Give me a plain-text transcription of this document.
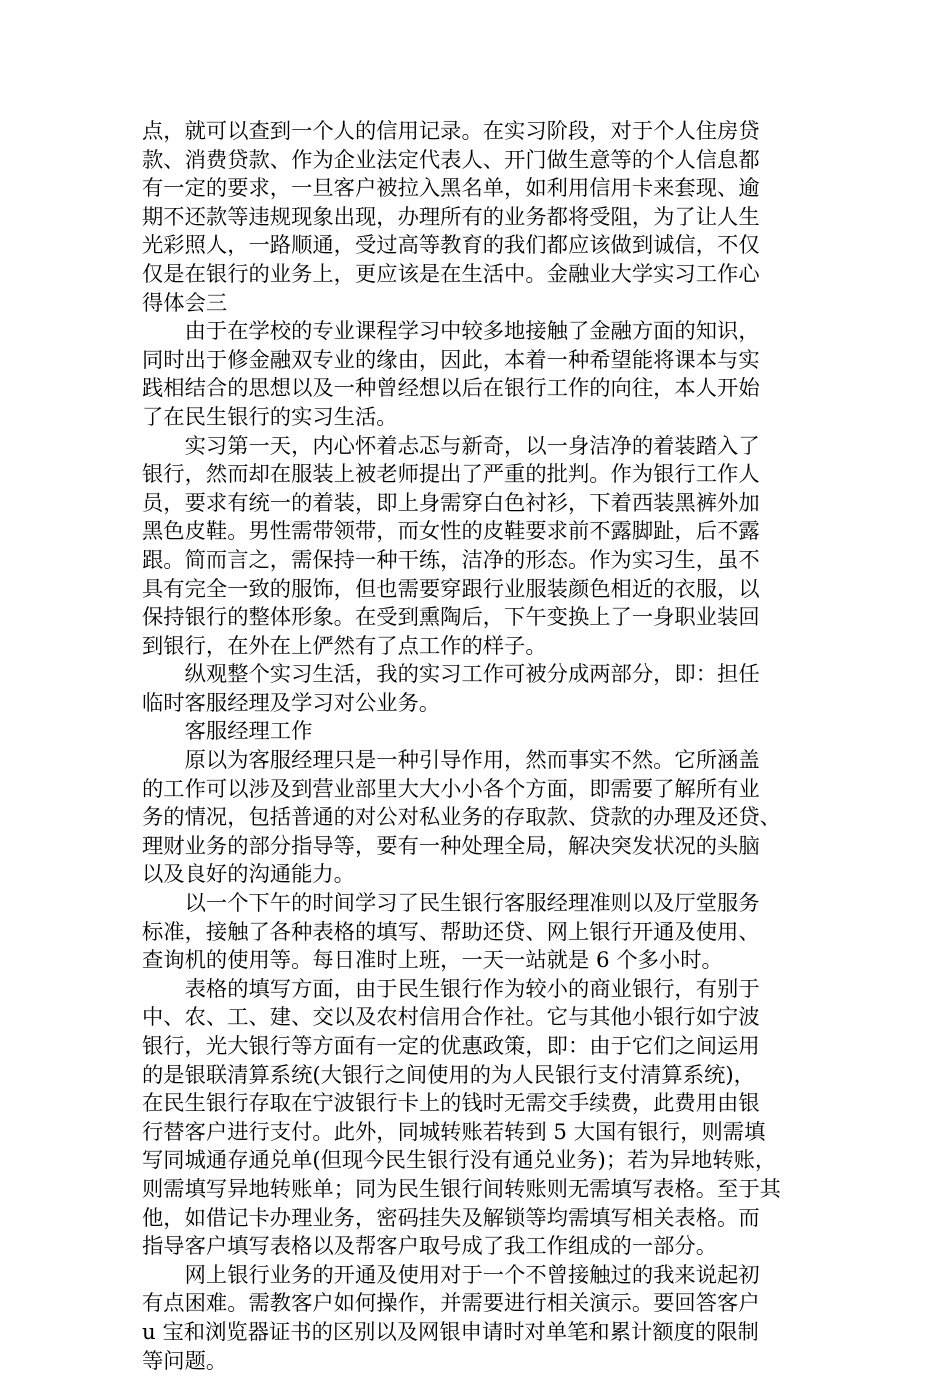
点，就可以查到一个人的信用记录。在实习阶段，对于个人住房贷
款、消费贷款、作为企业法定代表人、开门做生意等的个人信息都
有一定的要求，一旦客户被拉入黑名单，如利用信用卡来套现、逾
期不还款等违规现象出现，办理所有的业务都将受阻，为了让人生
光彩照人，一路顺通，受过高等教育的我们都应该做到诚信，不仅
仅是在银行的业务上，更应该是在生活中。金融业大学实习工作心
得体会三
　　由于在学校的专业课程学习中较多地接触了金融方面的知识，
同时出于修金融双专业的缘由，因此，本着一种希望能将课本与实
践相结合的思想以及一种曾经想以后在银行工作的向往，本人开始
了在民生银行的实习生活。
　　实习第一天，内心怀着忐忑与新奇，以一身洁净的着装踏入了
银行，然而却在服装上被老师提出了严重的批判。作为银行工作人
员，要求有统一的着装，即上身需穿白色衬衫，下着西装黑裤外加
黑色皮鞋。男性需带领带，而女性的皮鞋要求前不露脚趾，后不露
跟。简而言之，需保持一种干练，洁净的形态。作为实习生，虽不
具有完全一致的服饰，但也需要穿跟行业服装颜色相近的衣服，以
保持银行的整体形象。在受到熏陶后，下午变换上了一身职业装回
到银行，在外在上俨然有了点工作的样子。
　　纵观整个实习生活，我的实习工作可被分成两部分，即：担任
临时客服经理及学习对公业务。
　　客服经理工作
　　原以为客服经理只是一种引导作用，然而事实不然。它所涵盖
的工作可以涉及到营业部里大大小小各个方面，即需要了解所有业
务的情况，包括普通的对公对私业务的存取款、贷款的办理及还贷、
理财业务的部分指导等，要有一种处理全局，解决突发状况的头脑
以及良好的沟通能力。
　　以一个下午的时间学习了民生银行客服经理准则以及厅堂服务
标准，接触了各种表格的填写、帮助还贷、网上银行开通及使用、
查询机的使用等。每日准时上班，一天一站就是 6 个多小时。
　　表格的填写方面，由于民生银行作为较小的商业银行，有别于
中、农、工、建、交以及农村信用合作社。它与其他小银行如宁波
银行，光大银行等方面有一定的优惠政策，即：由于它们之间运用
的是银联清算系统(大银行之间使用的为人民银行支付清算系统)，
在民生银行存取在宁波银行卡上的钱时无需交手续费，此费用由银
行替客户进行支付。此外，同城转账若转到 5 大国有银行，则需填
写同城通存通兑单(但现今民生银行没有通兑业务)；若为异地转账，
则需填写异地转账单；同为民生银行间转账则无需填写表格。至于其
他，如借记卡办理业务，密码挂失及解锁等均需填写相关表格。而
指导客户填写表格以及帮客户取号成了我工作组成的一部分。
　　网上银行业务的开通及使用对于一个不曾接触过的我来说起初
有点困难。需教客户如何操作，并需要进行相关演示。要回答客户
u 宝和浏览器证书的区别以及网银申请时对单笔和累计额度的限制
等问题。
